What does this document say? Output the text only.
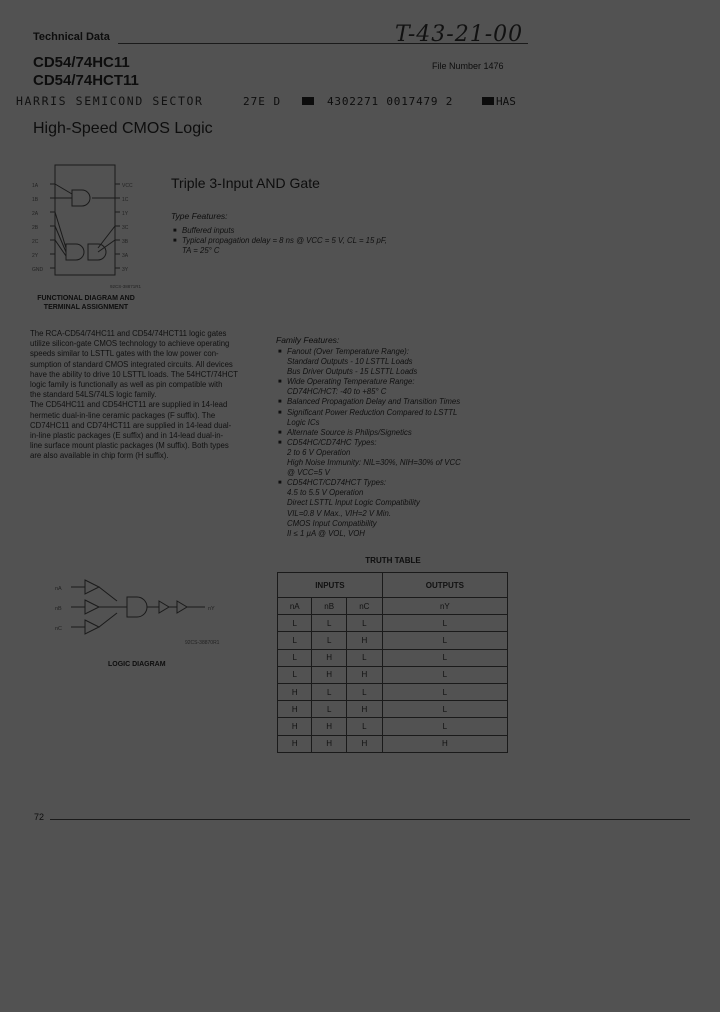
Technical Data	T-43-21-00
CD54/74HC11
CD54/74HCT11
File Number 1476
HARRIS SEMICOND SECTOR	27E D	4302271 0017479 2	HAS
High-Speed CMOS Logic
1A
1B
2A
2B
2C
2Y
GND
VCC
1C
1Y
3C
3B
3A
3Y
92CS-38871R1
FUNCTIONAL DIAGRAM AND
TERMINAL ASSIGNMENT
Triple 3-Input AND Gate
Type Features:
■ Buffered inputs
■ Typical propagation delay = 8 ns @ VCC = 5 V, CL = 15 pF,
TA = 25° C
The RCA-CD54/74HC11 and CD54/74HCT11 logic gates
utilize silicon-gate CMOS technology to achieve operating
speeds similar to LSTTL gates with the low power con-
sumption of standard CMOS integrated circuits. All devices
have the ability to drive 10 LSTTL loads. The 54HCT/74HCT
logic family is functionally as well as pin compatible with
the standard 54LS/74LS logic family.
The CD54HC11 and CD54HCT11 are supplied in 14-lead
hermetic dual-in-line ceramic packages (F suffix). The
CD74HC11 and CD74HCT11 are supplied in 14-lead dual-
in-line plastic packages (E suffix) and in 14-lead dual-in-
line surface mount plastic packages (M suffix). Both types
are also available in chip form (H suffix).
Family Features:
■ Fanout (Over Temperature Range):
Standard Outputs - 10 LSTTL Loads
Bus Driver Outputs - 15 LSTTL Loads
■ Wide Operating Temperature Range:
CD74HC/HCT: -40 to +85° C
■ Balanced Propagation Delay and Transition Times
■ Significant Power Reduction Compared to LSTTL
Logic ICs
■ Alternate Source is Philips/Signetics
■ CD54HC/CD74HC Types:
2 to 6 V Operation
High Noise Immunity: NIL=30%, NIH=30% of VCC
@ VCC=5 V
■ CD54HCT/CD74HCT Types:
4.5 to 5.5 V Operation
Direct LSTTL Input Logic Compatibility
VIL=0.8 V Max., VIH=2 V Min.
CMOS Input Compatibility
II ≤ 1 µA @ VOL, VOH
TRUTH TABLE
INPUTS			OUTPUTS
nA	nB	nC	nY
L	L	L	L
L	L	H	L
L	H	L	L
L	H	H	L
H	L	L	L
H	L	H	L
H	H	L	L
H	H	H	H
nA
nB
nC
nY
92CS-38870R1
LOGIC DIAGRAM
72
